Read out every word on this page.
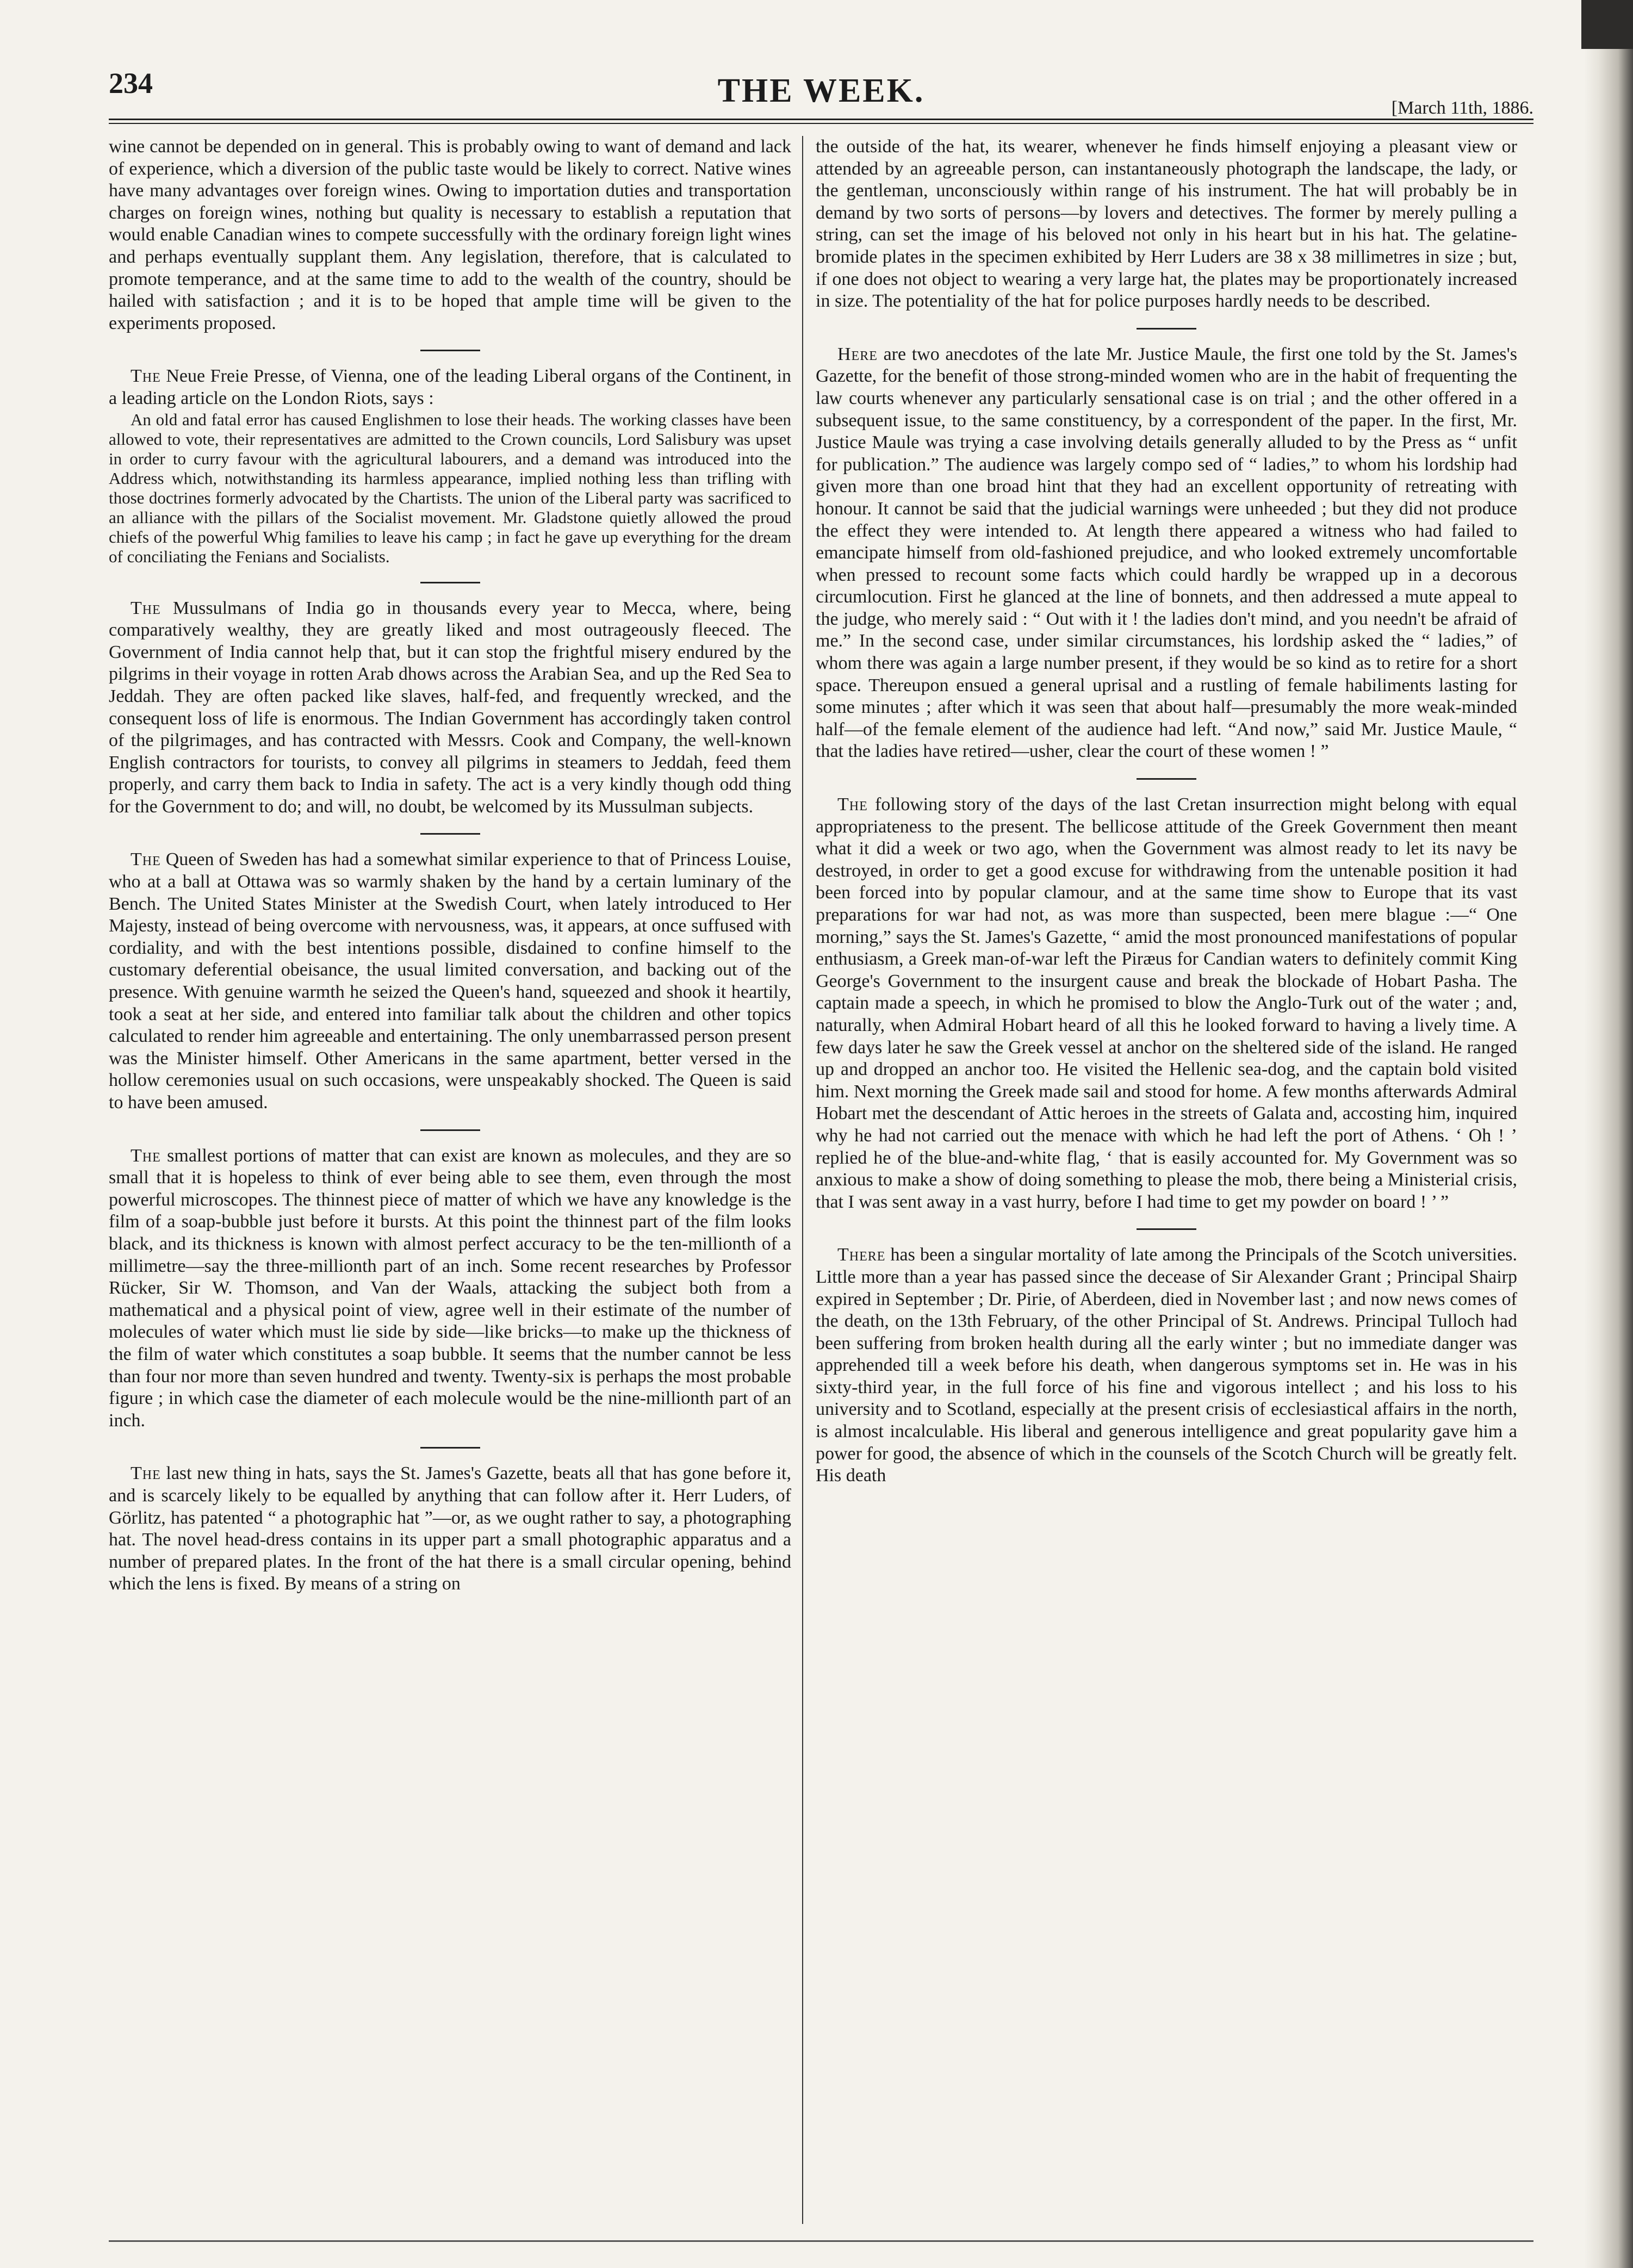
234	THE WEEK.	[March 11th, 1886.

wine cannot be depended on in general. This is probably owing to want of demand and lack of experience, which a diversion of the public taste would be likely to correct. Native wines have many advantages over foreign wines. Owing to importation duties and transportation charges on foreign wines, nothing but quality is necessary to establish a reputation that would enable Canadian wines to compete successfully with the ordinary foreign light wines and perhaps eventually supplant them. Any legislation, therefore, that is calculated to promote temperance, and at the same time to add to the wealth of the country, should be hailed with satisfaction ; and it is to be hoped that ample time will be given to the experiments proposed.

The Neue Freie Presse, of Vienna, one of the leading Liberal organs of the Continent, in a leading article on the London Riots, says :

An old and fatal error has caused Englishmen to lose their heads. The working classes have been allowed to vote, their representatives are admitted to the Crown councils, Lord Salisbury was upset in order to curry favour with the agricultural labourers, and a demand was introduced into the Address which, notwithstanding its harmless appearance, implied nothing less than trifling with those doctrines formerly advocated by the Chartists. The union of the Liberal party was sacrificed to an alliance with the pillars of the Socialist movement. Mr. Gladstone quietly allowed the proud chiefs of the powerful Whig families to leave his camp ; in fact he gave up everything for the dream of conciliating the Fenians and Socialists.

The Mussulmans of India go in thousands every year to Mecca, where, being comparatively wealthy, they are greatly liked and most outrageously fleeced. The Government of India cannot help that, but it can stop the frightful misery endured by the pilgrims in their voyage in rotten Arab dhows across the Arabian Sea, and up the Red Sea to Jeddah. They are often packed like slaves, half-fed, and frequently wrecked, and the consequent loss of life is enormous. The Indian Government has accordingly taken control of the pilgrimages, and has contracted with Messrs. Cook and Company, the well-known English contractors for tourists, to convey all pilgrims in steamers to Jeddah, feed them properly, and carry them back to India in safety. The act is a very kindly though odd thing for the Government to do; and will, no doubt, be welcomed by its Mussulman subjects.

The Queen of Sweden has had a somewhat similar experience to that of Princess Louise, who at a ball at Ottawa was so warmly shaken by the hand by a certain luminary of the Bench. The United States Minister at the Swedish Court, when lately introduced to Her Majesty, instead of being overcome with nervousness, was, it appears, at once suffused with cordiality, and with the best intentions possible, disdained to confine himself to the customary deferential obeisance, the usual limited conversation, and backing out of the presence. With genuine warmth he seized the Queen's hand, squeezed and shook it heartily, took a seat at her side, and entered into familiar talk about the children and other topics calculated to render him agreeable and entertaining. The only unembarrassed person present was the Minister himself. Other Americans in the same apartment, better versed in the hollow ceremonies usual on such occasions, were unspeakably shocked. The Queen is said to have been amused.

The smallest portions of matter that can exist are known as molecules, and they are so small that it is hopeless to think of ever being able to see them, even through the most powerful microscopes. The thinnest piece of matter of which we have any knowledge is the film of a soap-bubble just before it bursts. At this point the thinnest part of the film looks black, and its thickness is known with almost perfect accuracy to be the ten-millionth of a millimetre—say the three-millionth part of an inch. Some recent researches by Professor Rücker, Sir W. Thomson, and Van der Waals, attacking the subject both from a mathematical and a physical point of view, agree well in their estimate of the number of molecules of water which must lie side by side—like bricks—to make up the thickness of the film of water which constitutes a soap bubble. It seems that the number cannot be less than four nor more than seven hundred and twenty. Twenty-six is perhaps the most probable figure ; in which case the diameter of each molecule would be the nine-millionth part of an inch.

The last new thing in hats, says the St. James's Gazette, beats all that has gone before it, and is scarcely likely to be equalled by anything that can follow after it. Herr Luders, of Görlitz, has patented “ a photographic hat ”—or, as we ought rather to say, a photographing hat. The novel head-dress contains in its upper part a small photographic apparatus and a number of prepared plates. In the front of the hat there is a small circular opening, behind which the lens is fixed. By means of a string on

the outside of the hat, its wearer, whenever he finds himself enjoying a pleasant view or attended by an agreeable person, can instantaneously photograph the landscape, the lady, or the gentleman, unconsciously within range of his instrument. The hat will probably be in demand by two sorts of persons—by lovers and detectives. The former by merely pulling a string, can set the image of his beloved not only in his heart but in his hat. The gelatine-bromide plates in the specimen exhibited by Herr Luders are 38 x 38 millimetres in size ; but, if one does not object to wearing a very large hat, the plates may be proportionately increased in size. The potentiality of the hat for police purposes hardly needs to be described.

Here are two anecdotes of the late Mr. Justice Maule, the first one told by the St. James's Gazette, for the benefit of those strong-minded women who are in the habit of frequenting the law courts whenever any particularly sensational case is on trial ; and the other offered in a subsequent issue, to the same constituency, by a correspondent of the paper. In the first, Mr. Justice Maule was trying a case involving details generally alluded to by the Press as “ unfit for publication.” The audience was largely compo sed of “ ladies,” to whom his lordship had given more than one broad hint that they had an excellent opportunity of retreating with honour. It cannot be said that the judicial warnings were unheeded ; but they did not produce the effect they were intended to. At length there appeared a witness who had failed to emancipate himself from old-fashioned prejudice, and who looked extremely uncomfortable when pressed to recount some facts which could hardly be wrapped up in a decorous circumlocution. First he glanced at the line of bonnets, and then addressed a mute appeal to the judge, who merely said : “ Out with it ! the ladies don't mind, and you needn't be afraid of me.” In the second case, under similar circumstances, his lordship asked the “ ladies,” of whom there was again a large number present, if they would be so kind as to retire for a short space. Thereupon ensued a general uprisal and a rustling of female habiliments lasting for some minutes ; after which it was seen that about half—presumably the more weak-minded half—of the female element of the audience had left. “And now,” said Mr. Justice Maule, “ that the ladies have retired—usher, clear the court of these women ! ”

The following story of the days of the last Cretan insurrection might belong with equal appropriateness to the present. The bellicose attitude of the Greek Government then meant what it did a week or two ago, when the Government was almost ready to let its navy be destroyed, in order to get a good excuse for withdrawing from the untenable position it had been forced into by popular clamour, and at the same time show to Europe that its vast preparations for war had not, as was more than suspected, been mere blague :—“ One morning,” says the St. James's Gazette, “ amid the most pronounced manifestations of popular enthusiasm, a Greek man-of-war left the Piræus for Candian waters to definitely commit King George's Government to the insurgent cause and break the blockade of Hobart Pasha. The captain made a speech, in which he promised to blow the Anglo-Turk out of the water ; and, naturally, when Admiral Hobart heard of all this he looked forward to having a lively time. A few days later he saw the Greek vessel at anchor on the sheltered side of the island. He ranged up and dropped an anchor too. He visited the Hellenic sea-dog, and the captain bold visited him. Next morning the Greek made sail and stood for home. A few months afterwards Admiral Hobart met the descendant of Attic heroes in the streets of Galata and, accosting him, inquired why he had not carried out the menace with which he had left the port of Athens. ‘ Oh ! ’ replied he of the blue-and-white flag, ‘ that is easily accounted for. My Government was so anxious to make a show of doing something to please the mob, there being a Ministerial crisis, that I was sent away in a vast hurry, before I had time to get my powder on board ! ’ ”

There has been a singular mortality of late among the Principals of the Scotch universities. Little more than a year has passed since the decease of Sir Alexander Grant ; Principal Shairp expired in September ; Dr. Pirie, of Aberdeen, died in November last ; and now news comes of the death, on the 13th February, of the other Principal of St. Andrews. Principal Tulloch had been suffering from broken health during all the early winter ; but no immediate danger was apprehended till a week before his death, when dangerous symptoms set in. He was in his sixty-third year, in the full force of his fine and vigorous intellect ; and his loss to his university and to Scotland, especially at the present crisis of ecclesiastical affairs in the north, is almost incalculable. His liberal and generous intelligence and great popularity gave him a power for good, the absence of which in the counsels of the Scotch Church will be greatly felt. His death
